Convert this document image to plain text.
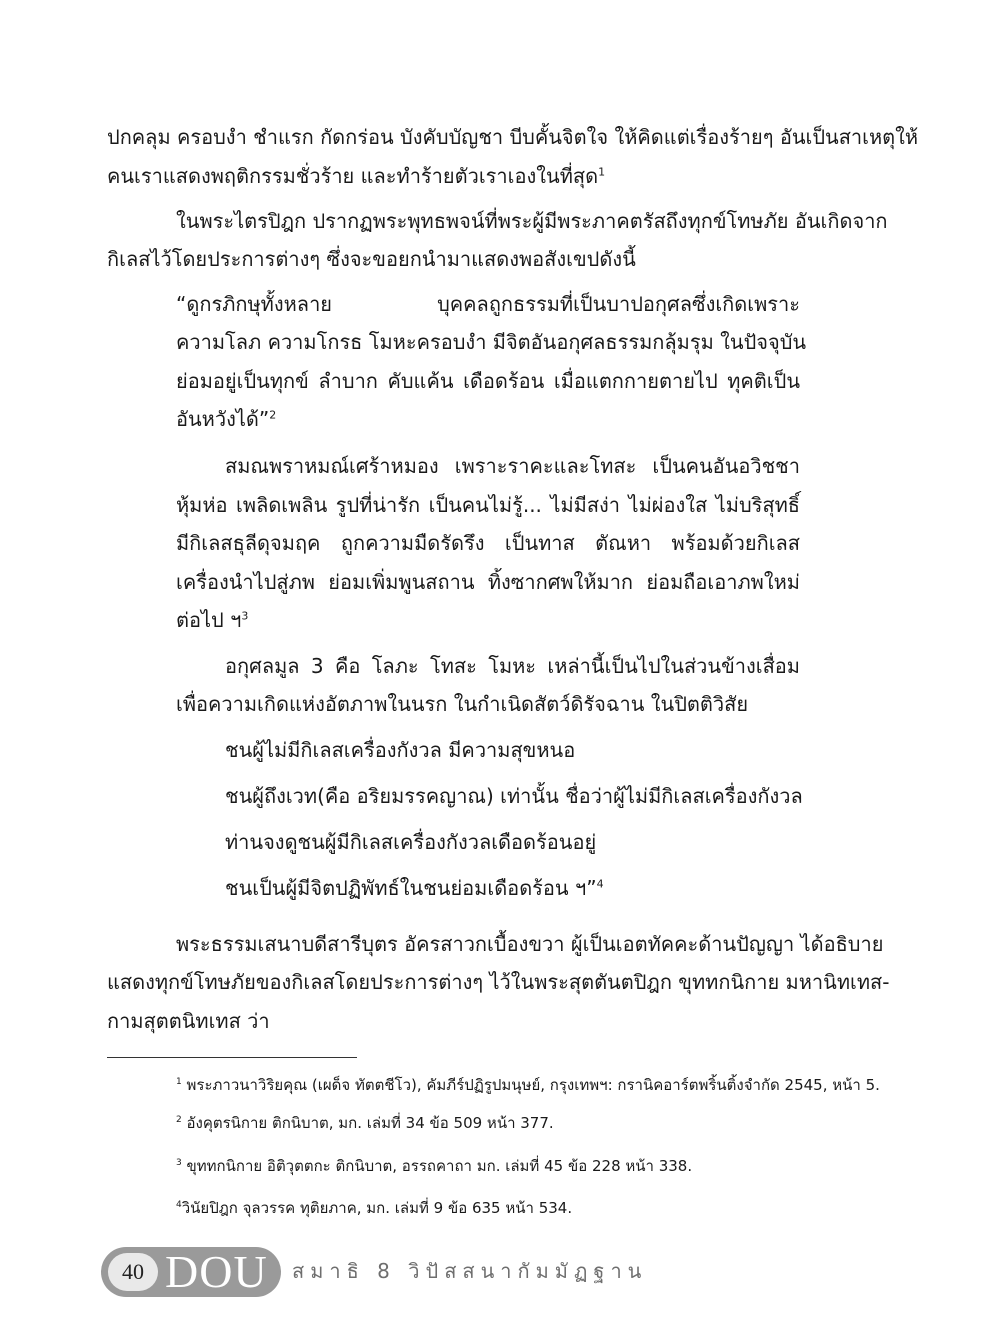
ปกคลุม ครอบงำ ชำแรก กัดกร่อน บังคับบัญชา บีบคั้นจิตใจ ให้คิดแต่เรื่องร้ายๆ อันเป็นสาเหตุให้
คนเราแสดงพฤติกรรมชั่วร้าย และทำร้ายตัวเราเองในที่สุด$^1$
ในพระไตรปิฎก ปรากฏพระพุทธพจน์ที่พระผู้มีพระภาคตรัสถึงทุกข์โทษภัย อันเกิดจาก
กิเลสไว้โดยประการต่างๆ ซึ่งจะขอยกนำมาแสดงพอสังเขปดังนี้
“ดูกรภิกษุทั้งหลาย บุคคลถูกธรรมที่เป็นบาปอกุศลซึ่งเกิดเพราะ
ความโลภ ความโกรธ โมหะครอบงำ มีจิตอันอกุศลธรรมกลุ้มรุม ในปัจจุบัน
ย่อมอยู่เป็นทุกข์ ลำบาก คับแค้น เดือดร้อน เมื่อแตกกายตายไป ทุคติเป็น
อันหวังได้”$^2$
สมณพราหมณ์เศร้าหมอง เพราะราคะและโทสะ เป็นคนอันอวิชชา
หุ้มห่อ เพลิดเพลิน รูปที่น่ารัก เป็นคนไม่รู้... ไม่มีสง่า ไม่ผ่องใส ไม่บริสุทธิ์
มีกิเลสธุลีดุจมฤค ถูกความมืดรัดรึง เป็นทาส ตัณหา พร้อมด้วยกิเลส
เครื่องนำไปสู่ภพ ย่อมเพิ่มพูนสถาน ทิ้งซากศพให้มาก ย่อมถือเอาภพใหม่
ต่อไป ฯ$^3$
อกุศลมูล 3 คือ โลภะ โทสะ โมหะ เหล่านี้เป็นไปในส่วนข้างเสื่อม
เพื่อความเกิดแห่งอัตภาพในนรก ในกำเนิดสัตว์ดิรัจฉาน ในปิตติวิสัย
ชนผู้ไม่มีกิเลสเครื่องกังวล มีความสุขหนอ
ชนผู้ถึงเวท(คือ อริยมรรคญาณ) เท่านั้น ชื่อว่าผู้ไม่มีกิเลสเครื่องกังวล
ท่านจงดูชนผู้มีกิเลสเครื่องกังวลเดือดร้อนอยู่
ชนเป็นผู้มีจิตปฏิพัทธ์ในชนย่อมเดือดร้อน ฯ”$^4$
พระธรรมเสนาบดีสารีบุตร อัครสาวกเบื้องขวา ผู้เป็นเอตทัคคะด้านปัญญา ได้อธิบาย
แสดงทุกข์โทษภัยของกิเลสโดยประการต่างๆ ไว้ในพระสุตตันตปิฎก ขุททกนิกาย มหานิทเทส-
กามสุตตนิทเทส ว่า
$^1$ พระภาวนาวิริยคุณ (เผด็จ ทัตตชีโว), คัมภีร์ปฏิรูปมนุษย์, กรุงเทพฯ: กรานิคอาร์ตพริ้นติ้งจำกัด 2545, หน้า 5.
$^2$ อังคุตรนิกาย ติกนิบาต, มก. เล่มที่ 34 ข้อ 509 หน้า 377.
$^3$ ขุททกนิกาย อิติวุตตกะ ติกนิบาต, อรรถคาถา มก. เล่มที่ 45 ข้อ 228 หน้า 338.
$^4$วินัยปิฎก จุลวรรค ทุติยภาค, มก. เล่มที่ 9 ข้อ 635 หน้า 534.
40 DOU สมาธิ 8 วิปัสสนากัมมัฏฐาน
